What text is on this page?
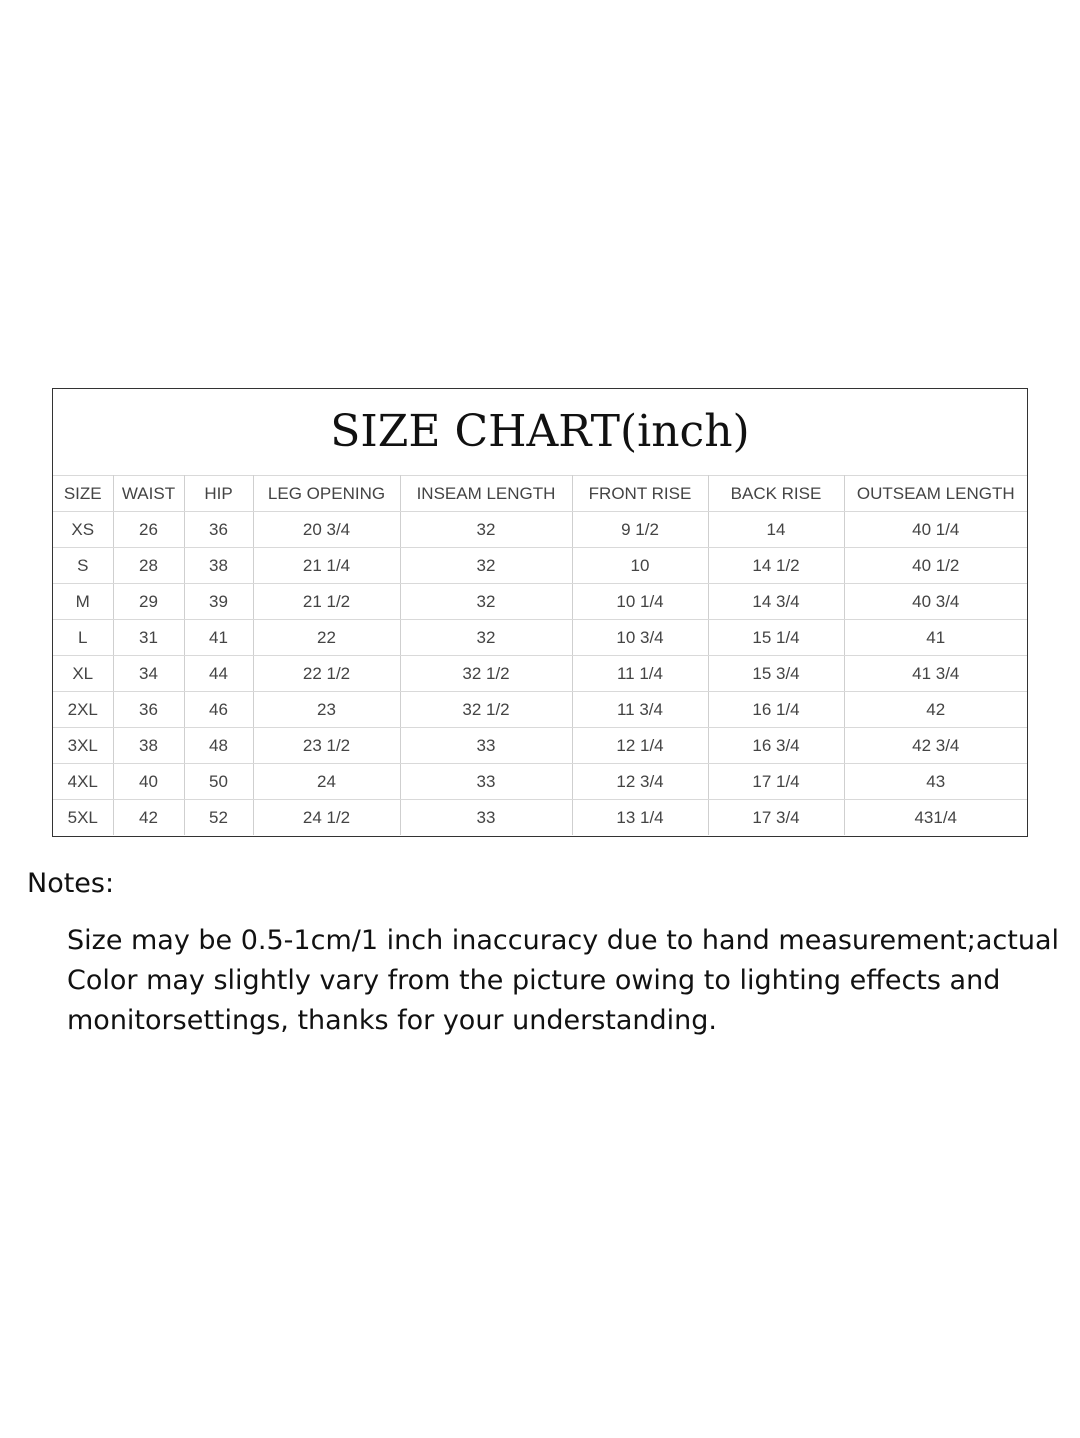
SIZE CHART(inch)
SIZE	WAIST	HIP	LEG OPENING	INSEAM LENGTH	FRONT RISE	BACK RISE	OUTSEAM LENGTH
XS	26	36	20 3/4	32	9 1/2	14	40 1/4
S	28	38	21 1/4	32	10	14 1/2	40 1/2
M	29	39	21 1/2	32	10 1/4	14 3/4	40 3/4
L	31	41	22	32	10 3/4	15 1/4	41
XL	34	44	22 1/2	32 1/2	11 1/4	15 3/4	41 3/4
2XL	36	46	23	32 1/2	11 3/4	16 1/4	42
3XL	38	48	23 1/2	33	12 1/4	16 3/4	42 3/4
4XL	40	50	24	33	12 3/4	17 1/4	43
5XL	42	52	24 1/2	33	13 1/4	17 3/4	431/4
Notes:
Size may be 0.5-1cm/1 inch inaccuracy due to hand measurement;actual
Color may slightly vary from the picture owing to lighting effects and
monitorsettings, thanks for your understanding.
